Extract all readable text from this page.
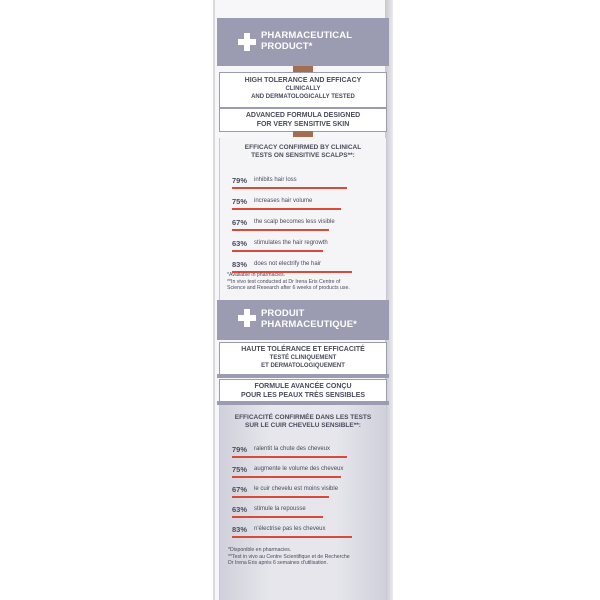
PHARMACEUTICAL
PRODUCT*
HIGH TOLERANCE AND EFFICACY
CLINICALLY
AND DERMATOLOGICALLY TESTED
ADVANCED FORMULA DESIGNED
FOR VERY SENSITIVE SKIN
EFFICACY CONFIRMED BY CLINICAL
TESTS ON SENSITIVE SCALPS**:
79% inhibits hair loss
75% increases hair volume
67% the scalp becomes less visible
63% stimulates the hair regrowth
83% does not electrify the hair
*Available in pharmacies.
**In vivo test conducted at Dr Irena Eris Centre of
Science and Research after 6 weeks of products use.
PRODUIT
PHARMACEUTIQUE*
HAUTE TOLÉRANCE ET EFFICACITÉ
TESTÉ CLINIQUEMENT
ET DERMATOLOGIQUEMENT
FORMULE AVANCÉE CONÇU
POUR LES PEAUX TRÈS SENSIBLES
EFFICACITÉ CONFIRMÉE DANS LES TESTS
SUR LE CUIR CHEVELU SENSIBLE**:
79% ralentit la chute des cheveux
75% augmente le volume des cheveux
67% le cuir chevelu est moins visible
63% stimule la repousse
83% n'électrise pas les cheveux
*Disponible en pharmacies.
**Test in vivo au Centre Scientifique et de Recherche
Dr Irena Eris après 6 semaines d'utilisation.
